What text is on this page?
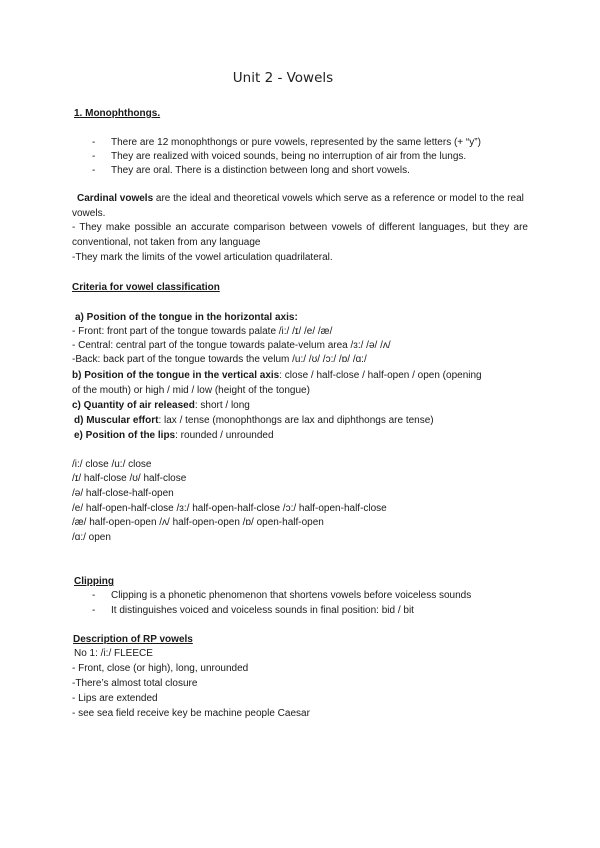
Unit 2 - Vowels
1. Monophthongs.
- There are 12 monophthongs or pure vowels, represented by the same letters (+ “y”)
- They are realized with voiced sounds, being no interruption of air from the lungs.
- They are oral. There is a distinction between long and short vowels.
Cardinal vowels are the ideal and theoretical vowels which serve as a reference or model to the real vowels.
- They make possible an accurate comparison between vowels of different languages, but they are conventional, not taken from any language
-They mark the limits of the vowel articulation quadrilateral.
Criteria for vowel classification
a) Position of the tongue in the horizontal axis:
- Front: front part of the tongue towards palate /i:/ /ɪ/ /e/ /æ/
- Central: central part of the tongue towards palate-velum area /ɜ:/ /ə/ /ʌ/
-Back: back part of the tongue towards the velum /u:/ /ʊ/ /ɔ:/ /ɒ/ /ɑ:/
b) Position of the tongue in the vertical axis: close / half-close / half-open / open (opening
of the mouth) or high / mid / low (height of the tongue)
c) Quantity of air released: short / long
d) Muscular effort: lax / tense (monophthongs are lax and diphthongs are tense)
e) Position of the lips: rounded / unrounded
/i:/ close /u:/ close
/ɪ/ half-close /ʊ/ half-close
/ə/ half-close-half-open
/e/ half-open-half-close /ɜ:/ half-open-half-close /ɔ:/ half-open-half-close
/æ/ half-open-open /ʌ/ half-open-open /ɒ/ open-half-open
/ɑ:/ open
Clipping
- Clipping is a phonetic phenomenon that shortens vowels before voiceless sounds
- It distinguishes voiced and voiceless sounds in final position: bid / bit
Description of RP vowels
No 1: /i:/ FLEECE
- Front, close (or high), long, unrounded
-There’s almost total closure
- Lips are extended
- see sea field receive key be machine people Caesar
